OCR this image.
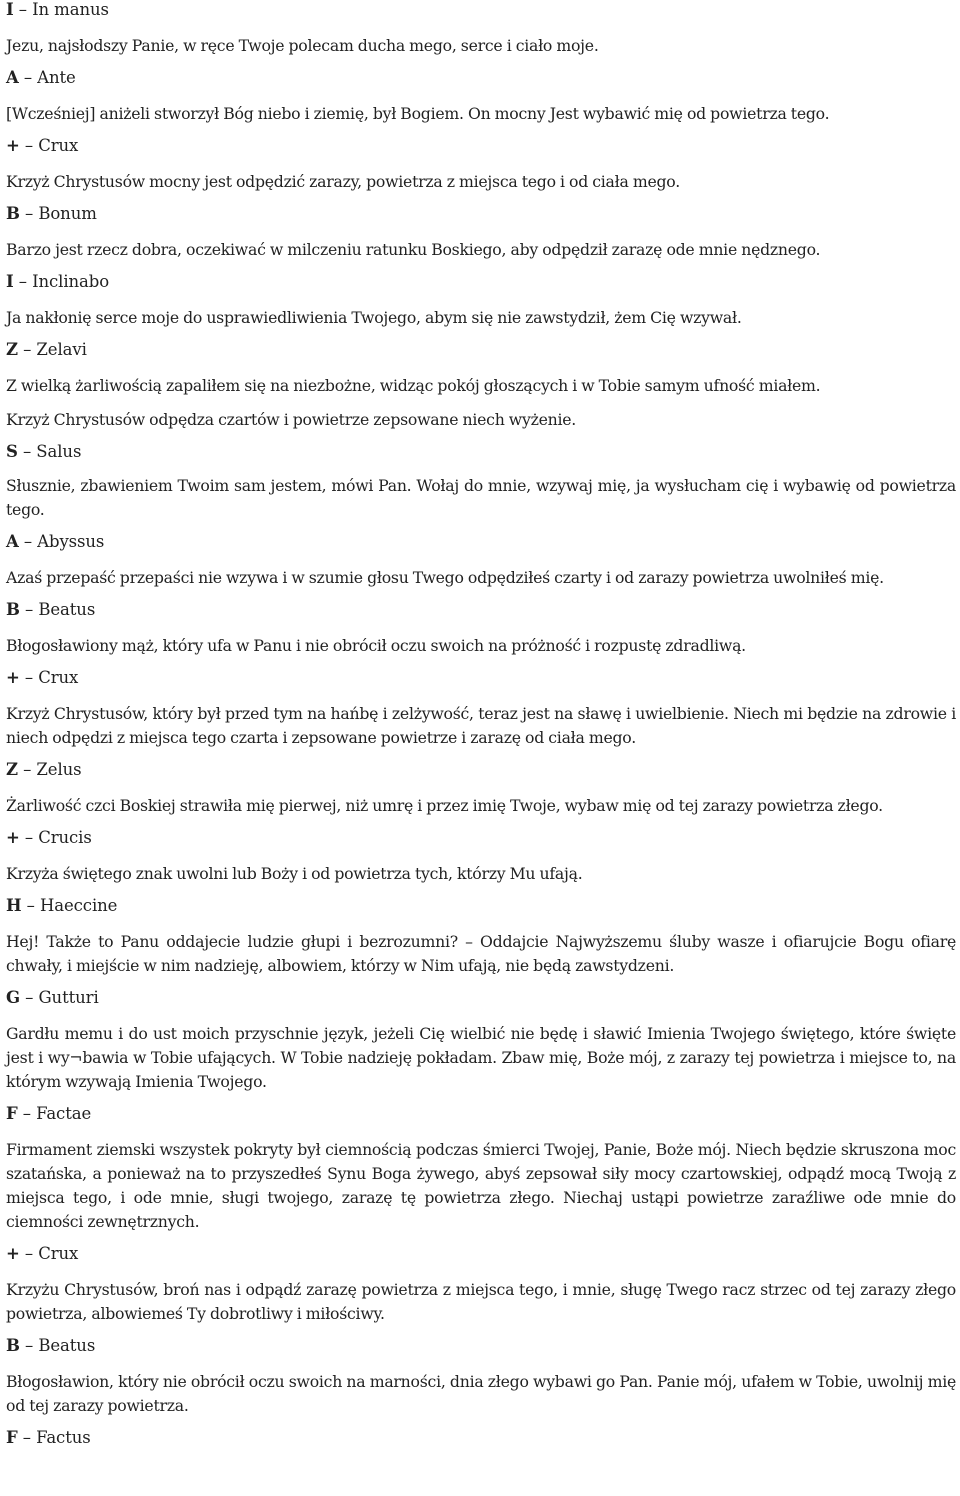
I – In manus

Jezu, najsłodszy Panie, w ręce Twoje polecam ducha mego, serce i ciało moje.

A – Ante

[Wcześniej] anіżeli stworzył Bóg niebo i ziemię, był Bogiem. On mocny Jest wybawić mię od powietrza tego.

+ – Crux

Krzyż Chrystusów mocny jest odpędzić zarazy, powietrza z miejsca tego i od ciała mego.

B – Bonum

Barzo jest rzecz dobra, oczekiwać w milczeniu ratunku Boskiego, aby odpędził zarazę ode mnie nędznego.

I – Inclinabo

Ja nakłonię serce moje do usprawiedliwienia Twojego, abym się nie zawstydził, żem Cię wzywał.

Z – Zelavi

Z wielką żarliwością zapaliłem się na niezbożne, widząc pokój głoszących i w Tobie samym ufność miałem.

Krzyż Chrystusów odpędza czartów i powietrze zepsowane niech wyżenie.

S – Salus

Słusznie, zbawieniem Twoim sam jestem, mówi Pan. Wołaj do mnie, wzywaj mię, ja wysłucham cię i wybawię od powietrza tego.

A – Abyssus

Azaś przepaść przepaści nie wzywa i w szumie głosu Twego odpędziłeś czarty i od zarazy powietrza uwolniłeś mię.

B – Beatus

Błogosławiony mąż, który ufa w Panu i nie obrócił oczu swoich na próżność i rozpustę zdradliwą.

+ – Crux

Krzyż Chrystusów, który był przed tym na hańbę i zelżywość, teraz jest na sławę i uwielbienie. Niech mi będzie na zdrowie i niech odpędzi z miejsca tego czarta i zepsowane powietrze i zarazę od ciała mego.

Z – Zelus

Żarliwość czci Boskiej strawiła mię pierwej, niż umrę i przez imię Twoje, wybaw mię od tej zarazy powietrza złego.

+ – Crucis

Krzyża świętego znak uwolni lub Boży i od powietrza tych, którzy Mu ufają.

H – Haeccine

Hej! Także to Panu oddajecie ludzie głupi i bezrozumni? – Oddajcie Najwyższemu śluby wasze i ofiarujcie Bogu ofiarę chwały, i miejście w nim nadzieję, albowiem, którzy w Nim ufają, nie będą zawstydzeni.

G – Gutturi

Gardłu memu i do ust moich przyschnie język, jeżeli Cię wielbić nie będę i sławić Imienia Twojego świętego, które święte jest i wy¬bawia w Tobie ufających. W Tobie nadzieję pokładam. Zbaw mię, Boże mój, z zarazy tej powietrza i miejsce to, na którym wzywają Imienia Twojego.

F – Factae

Firmament ziemski wszystek pokryty był ciemnością podczas śmierci Twojej, Panie, Boże mój. Niech będzie skruszona moc szatańska, a ponieważ na to przyszedłeś Synu Boga żywego, abyś zepsował siły mocy czartowskiej, odpądź mocą Twoją z miejsca tego, i ode mnie, sługi twojego, zarazę tę powietrza złego. Niechaj ustąpi powietrze zaraźliwe ode mnie do ciemności zewnętrznych.

+ – Crux

Krzyżu Chrystusów, broń nas i odpądź zarazę powietrza z miejsca tego, i mnie, sługę Twego racz strzec od tej zarazy złego powietrza, albowiemeś Ty dobrotliwy i miłościwy.

B – Beatus

Błogosławion, który nie obrócił oczu swoich na marności, dnia złego wybawi go Pan. Panie mój, ufałem w Tobie, uwolnij mię od tej zarazy powietrza.

F – Factus
